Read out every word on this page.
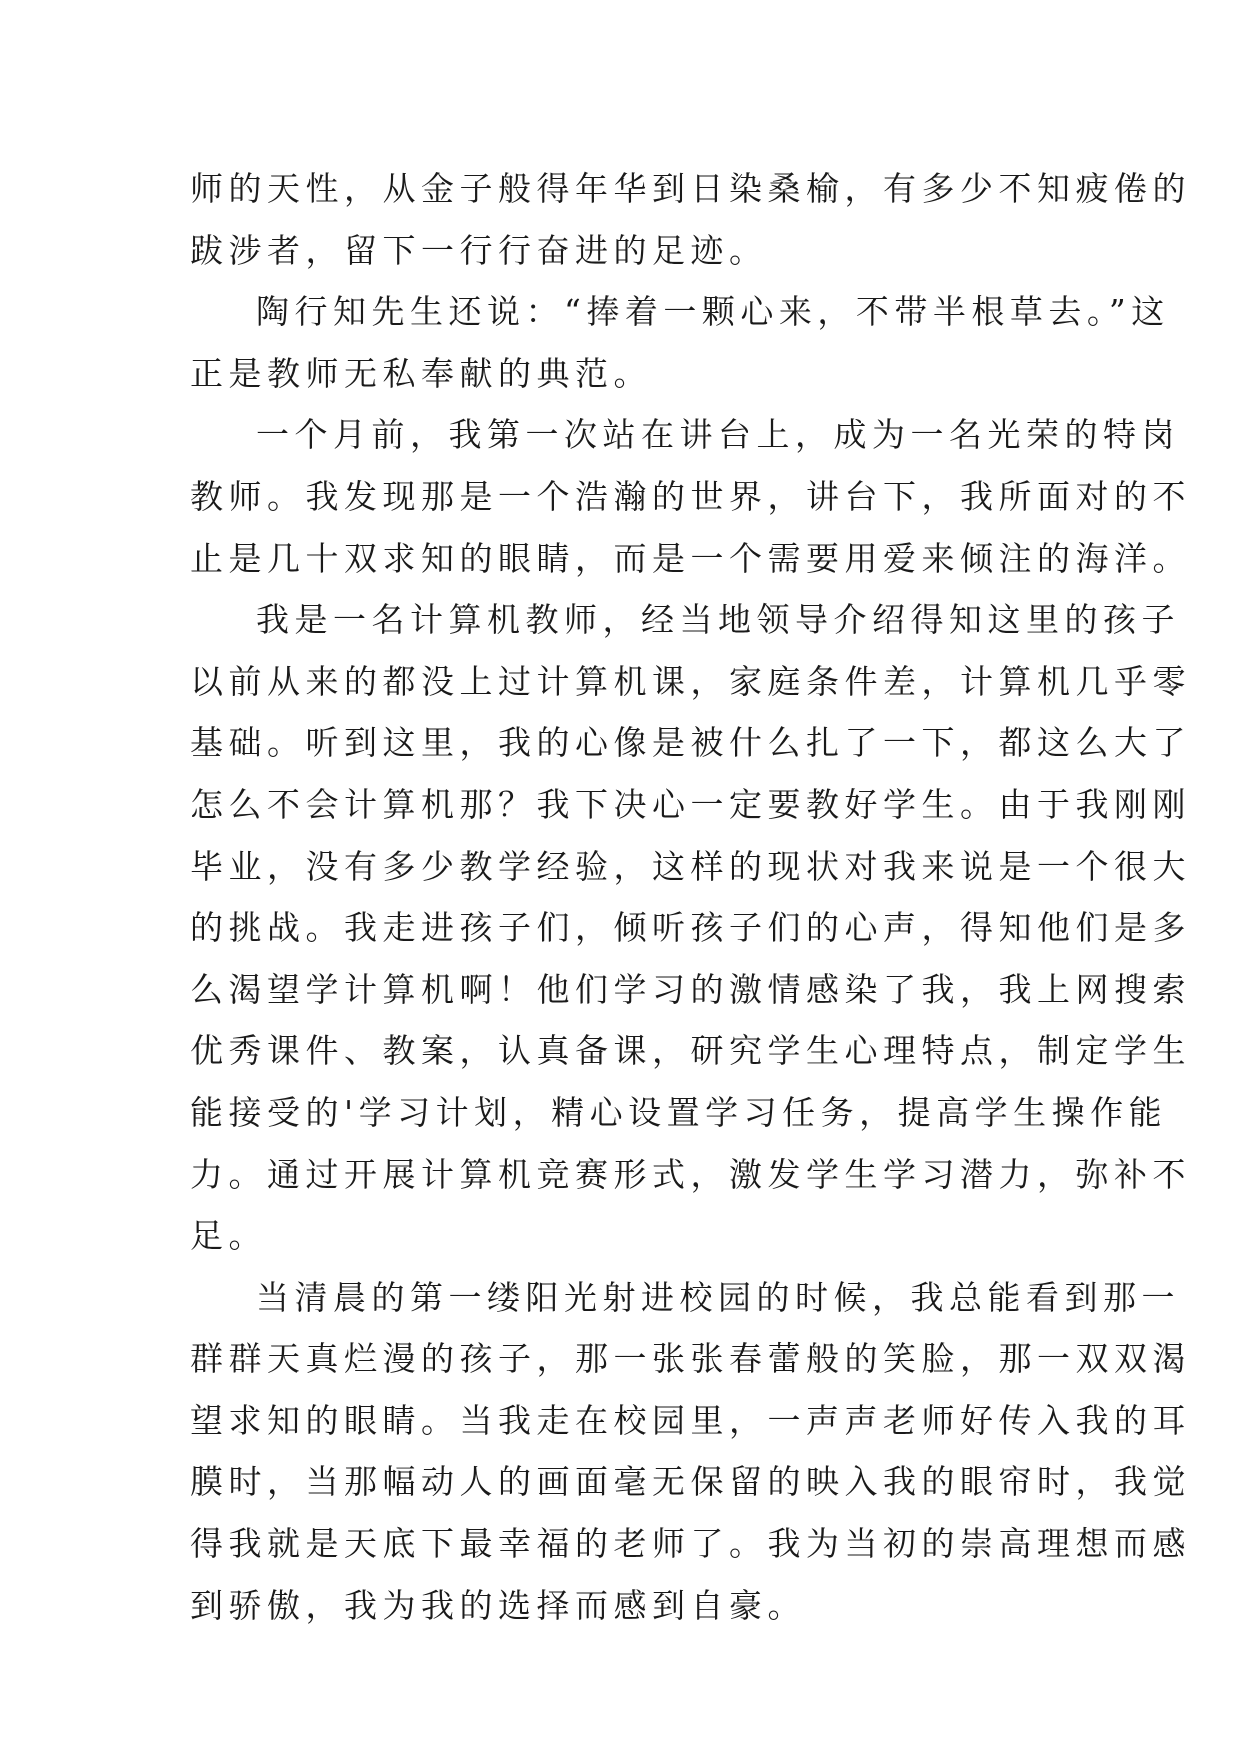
师的天性，从金子般得年华到日染桑榆，有多少不知疲倦的
跋涉者，留下一行行奋进的足迹。
陶行知先生还说：“捧着一颗心来，不带半根草去。”这
正是教师无私奉献的典范。
一个月前，我第一次站在讲台上，成为一名光荣的特岗
教师。我发现那是一个浩瀚的世界，讲台下，我所面对的不
止是几十双求知的眼睛，而是一个需要用爱来倾注的海洋。
我是一名计算机教师，经当地领导介绍得知这里的孩子
以前从来的都没上过计算机课，家庭条件差，计算机几乎零
基础。听到这里，我的心像是被什么扎了一下，都这么大了
怎么不会计算机那？我下决心一定要教好学生。由于我刚刚
毕业，没有多少教学经验，这样的现状对我来说是一个很大
的挑战。我走进孩子们，倾听孩子们的心声，得知他们是多
么渴望学计算机啊！他们学习的激情感染了我，我上网搜索
优秀课件、教案，认真备课，研究学生心理特点，制定学生
能接受的'学习计划，精心设置学习任务，提高学生操作能
力。通过开展计算机竞赛形式，激发学生学习潜力，弥补不
足。
当清晨的第一缕阳光射进校园的时候，我总能看到那一
群群天真烂漫的孩子，那一张张春蕾般的笑脸，那一双双渴
望求知的眼睛。当我走在校园里，一声声老师好传入我的耳
膜时，当那幅动人的画面毫无保留的映入我的眼帘时，我觉
得我就是天底下最幸福的老师了。我为当初的崇高理想而感
到骄傲，我为我的选择而感到自豪。
